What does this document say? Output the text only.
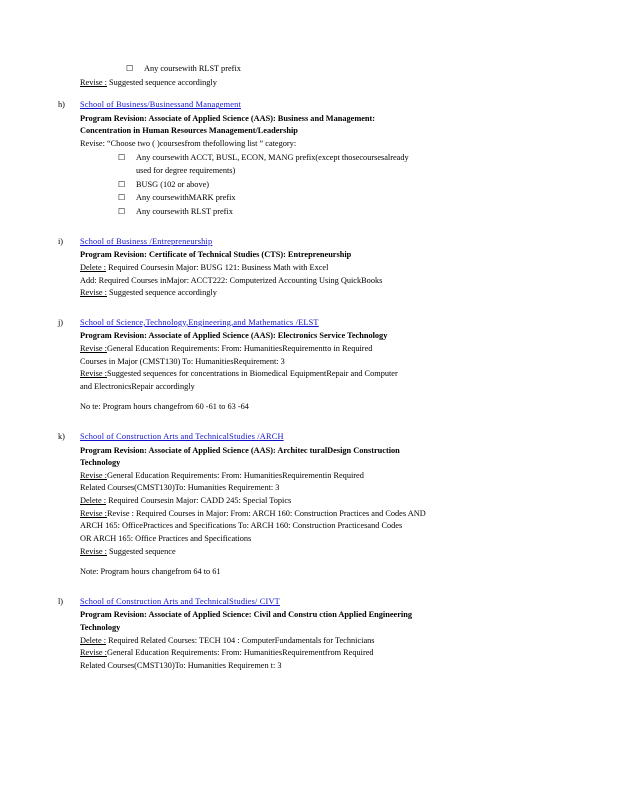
☐ Any coursewith RLST prefix
Revise : Suggested sequence accordingly
h)	School of Business/Businessand Management
Program Revision: Associate of Applied Science (AAS): Business and Management:
Concentration in Human Resources Management/Leadership
Revise: “Choose two ( )coursesfrom thefollowing list ” category:
☐ Any coursewith ACCT, BUSL, ECON, MANG prefix(except thosecoursesalready
used for degree requirements)
☐ BUSG (102 or above)
☐ Any coursewithMARK prefix
☐ Any coursewith RLST prefix
i)	School of Business /Entrepreneurship
Program Revision: Certificate of Technical Studies (CTS): Entrepreneurship
Delete : Required Coursesin Major: BUSG 121: Business Math with Excel
Add: Required Courses inMajor: ACCT222: Computerized Accounting Using QuickBooks
Revise : Suggested sequence accordingly
j)	School of Science,Technology,Engineering,and Mathematics /ELST
Program Revision: Associate of Applied Science (AAS): Electronics Service Technology
Revise :General Education Requirements: From: HumanitiesRequirementto in Required
Courses in Major (CMST130) To: HumanitiesRequirement: 3
Revise :Suggested sequences for concentrations in Biomedical EquipmentRepair and Computer
and ElectronicsRepair accordingly
No te: Program hours changefrom 60 -61 to 63 -64
k)	School of Construction Arts and TechnicalStudies /ARCH
Program Revision: Associate of Applied Science (AAS): Architec turalDesign Construction
Technology
Revise :General Education Requirements: From: HumanitiesRequirementin Required
Related Courses(CMST130)To: Humanities Requirement: 3
Delete : Required Coursesin Major: CADD 245: Special Topics
Revise :Revise : Required Courses in Major: From: ARCH 160: Construction Practices and Codes AND
ARCH 165: OfficePractices and Specifications To: ARCH 160: Construction Practicesand Codes
OR ARCH 165: Office Practices and Specifications
Revise : Suggested sequence
Note: Program hours changefrom 64 to 61
l)	School of Construction Arts and TechnicalStudies/ CIVT
Program Revision: Associate of Applied Science: Civil and Constru ction Applied Engineering
Technology
Delete : Required Related Courses: TECH 104 : ComputerFundamentals for Technicians
Revise :General Education Requirements: From: HumanitiesRequirementfrom Required
Related Courses(CMST130)To: Humanities Requiremen t: 3
